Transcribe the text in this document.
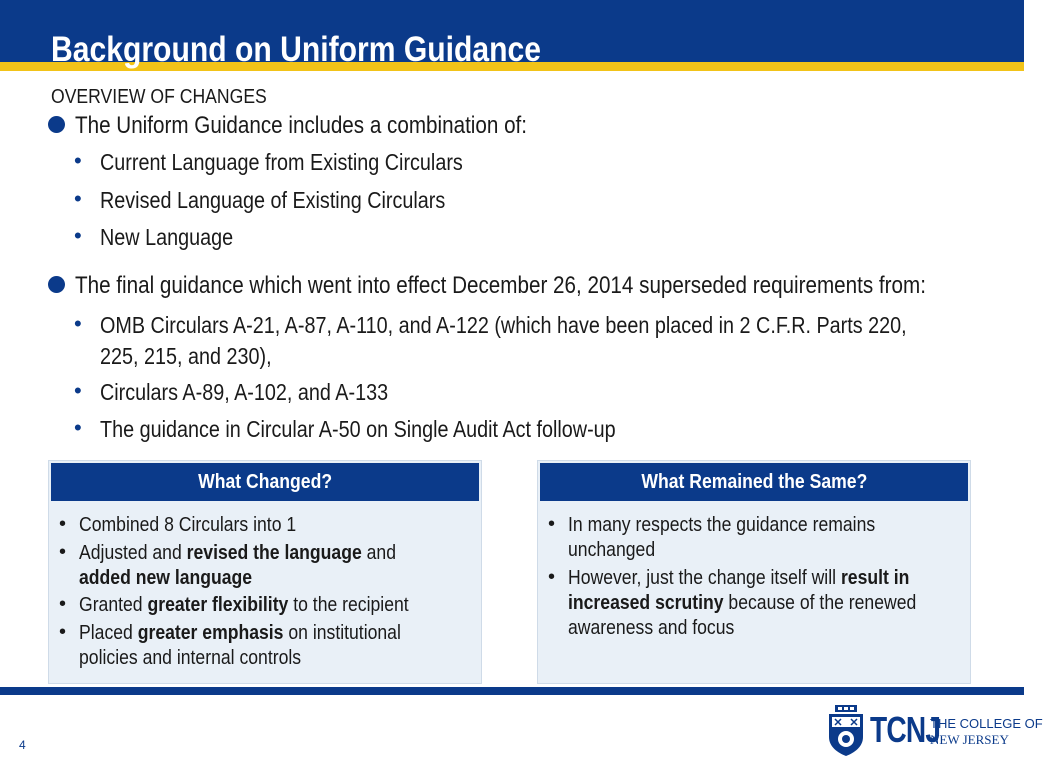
Background on Uniform Guidance
OVERVIEW OF CHANGES
The Uniform Guidance includes a combination of:
• Current Language from Existing Circulars
• Revised Language of Existing Circulars
• New Language
The final guidance which went into effect December 26, 2014 superseded requirements from:
• OMB Circulars A-21, A-87, A-110, and A-122 (which have been placed in 2 C.F.R. Parts 220,
225, 215, and 230),
• Circulars A-89, A-102, and A-133
• The guidance in Circular A-50 on Single Audit Act follow-up
What Changed?
• Combined 8 Circulars into 1
• Adjusted and revised the language and
added new language
• Granted greater flexibility to the recipient
• Placed greater emphasis on institutional
policies and internal controls
What Remained the Same?
• In many respects the guidance remains
unchanged
• However, just the change itself will result in
increased scrutiny because of the renewed
awareness and focus
4	TCNJ
THE COLLEGE OF
NEW JERSEY
